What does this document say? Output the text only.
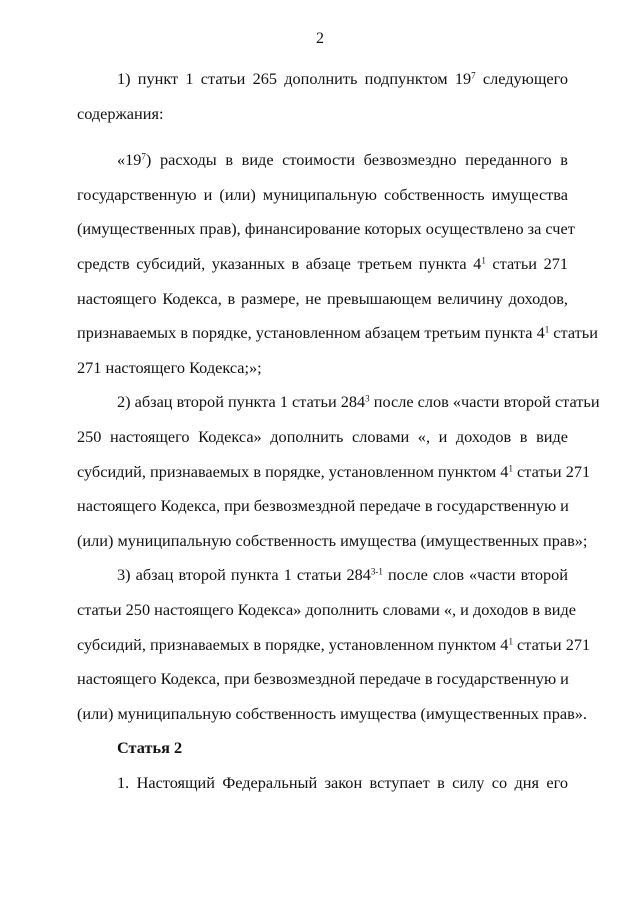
2
1) пункт 1 статьи 265 дополнить подпунктом $19^7$ следующего
содержания:
«$19^7$) расходы в виде стоимости безвозмездно переданного в
государственную и (или) муниципальную собственность имущества
(имущественных прав), финансирование которых осуществлено за счет
средств субсидий, указанных в абзаце третьем пункта $4^1$ статьи 271
настоящего Кодекса, в размере, не превышающем величину доходов,
признаваемых в порядке, установленном абзацем третьим пункта $4^1$ статьи
271 настоящего Кодекса;»;
2) абзац второй пункта 1 статьи $284^3$ после слов «части второй статьи
250 настоящего Кодекса» дополнить словами «, и доходов в виде
субсидий, признаваемых в порядке, установленном пунктом $4^1$ статьи 271
настоящего Кодекса, при безвозмездной передаче в государственную и
(или) муниципальную собственность имущества (имущественных прав»;
3) абзац второй пункта 1 статьи 284$^{3-1}$ после слов «части второй
статьи 250 настоящего Кодекса» дополнить словами «, и доходов в виде
субсидий, признаваемых в порядке, установленном пунктом $4^1$ статьи 271
настоящего Кодекса, при безвозмездной передаче в государственную и
(или) муниципальную собственность имущества (имущественных прав».
Статья 2
1. Настоящий Федеральный закон вступает в силу со дня его
